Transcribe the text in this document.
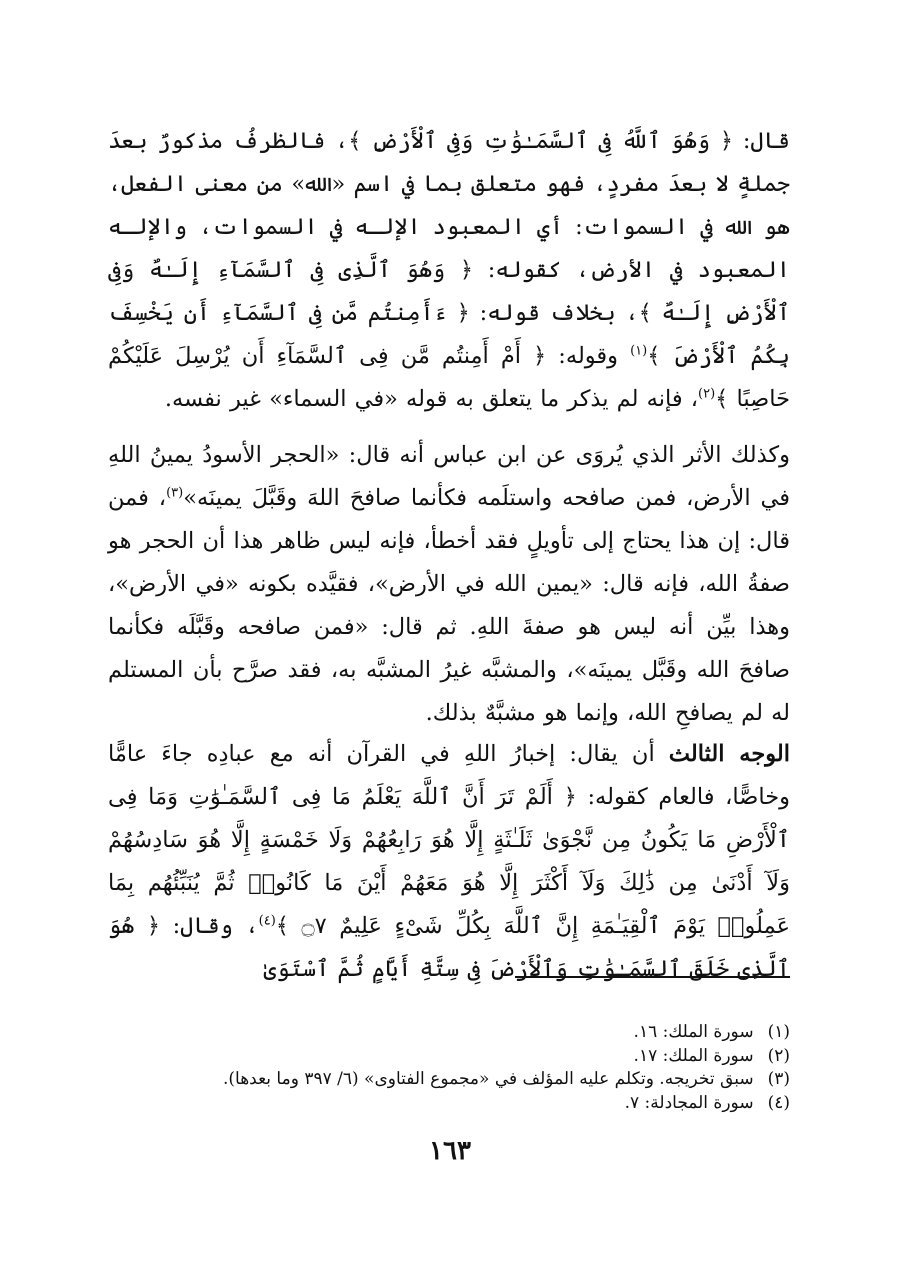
قال: ﴿ وَهُوَ ٱللَّهُ فِى ٱلسَّمَـٰوَٰتِ وَفِى ٱلْأَرْضِ ﴾، فالظرفُ مذكورٌ بعدَ جملةٍ لا بعدَ مفردٍ، فهو متعلق بما في اسم «الله» من معنى الفعل، هو الله في السموات: أي المعبود الإلـه في السموات، والإلـه المعبود في الأرض، كقوله: ﴿ وَهُوَ ٱلَّذِى فِى ٱلسَّمَآءِ إِلَـٰهٌ وَفِى ٱلْأَرْضِ إِلَـٰهٌ ﴾، بخلاف قوله: ﴿ ءَأَمِنتُم مَّن فِى ٱلسَّمَآءِ أَن يَخْسِفَ بِكُمُ ٱلْأَرْضَ ﴾$^{(١)}$ وقوله: ﴿ أَمْ أَمِنتُم مَّن فِى ٱلسَّمَآءِ أَن يُرْسِلَ عَلَيْكُمْ حَاصِبًا ﴾$^{(٢)}$، فإنه لم يذكر ما يتعلق به قوله «في السماء» غير نفسه.
وكذلك الأثر الذي يُروَى عن ابن عباس أنه قال: «الحجر الأسودُ يمينُ اللهِ في الأرض، فمن صافحه واستلَمه فكأنما صافحَ اللهَ وقَبَّلَ يمينَه»$^{(٣)}$، فمن قال: إن هذا يحتاج إلى تأويلٍ فقد أخطأ، فإنه ليس ظاهر هذا أن الحجر هو صفةُ الله، فإنه قال: «يمين الله في الأرض»، فقيَّده بكونه «في الأرض»، وهذا بيِّن أنه ليس هو صفةَ اللهِ. ثم قال: «فمن صافحه وقَبَّلَه فكأنما صافحَ الله وقَبَّل يمينَه»، والمشبَّه غيرُ المشبَّه به، فقد صرَّح بأن المستلم له لم يصافحِ الله، وإنما هو مشبَّهٌ بذلك.
الوجه الثالث أن يقال: إخبارُ اللهِ في القرآن أنه مع عبادِه جاءَ عامًّا وخاصًّا، فالعام كقوله: ﴿ أَلَمْ تَرَ أَنَّ ٱللَّهَ يَعْلَمُ مَا فِى ٱلسَّمَـٰوَٰتِ وَمَا فِى ٱلْأَرْضِ مَا يَكُونُ مِن نَّجْوَىٰ ثَلَـٰثَةٍ إِلَّا هُوَ رَابِعُهُمْ وَلَا خَمْسَةٍ إِلَّا هُوَ سَادِسُهُمْ وَلَآ أَدْنَىٰ مِن ذَٰلِكَ وَلَآ أَكْثَرَ إِلَّا هُوَ مَعَهُمْ أَيْنَ مَا كَانُوا۟ ثُمَّ يُنَبِّئُهُم بِمَا عَمِلُوا۟ يَوْمَ ٱلْقِيَـٰمَةِ إِنَّ ٱللَّهَ بِكُلِّ شَىْءٍ عَلِيمٌ ۝٧ ﴾$^{(٤)}$، وقال: ﴿ هُوَ ٱلَّذِى خَلَقَ ٱلسَّمَـٰوَٰتِ وَٱلْأَرْضَ فِى سِتَّةِ أَيَّامٍ ثُمَّ ٱسْتَوَىٰ
(١)سورة الملك: ١٦.
(٢)سورة الملك: ١٧.
(٣)سبق تخريجه. وتكلم عليه المؤلف في «مجموع الفتاوى» (٦/ ٣٩٧ وما بعدها).
(٤)سورة المجادلة: ٧.
١٦٣
